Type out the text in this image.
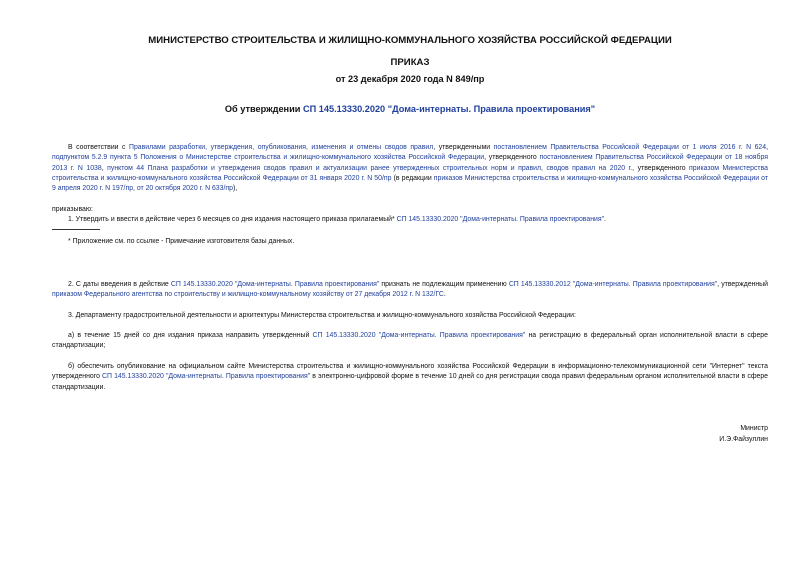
МИНИСТЕРСТВО СТРОИТЕЛЬСТВА И ЖИЛИЩНО-КОММУНАЛЬНОГО ХОЗЯЙСТВА РОССИЙСКОЙ ФЕДЕРАЦИИ
ПРИКАЗ
от 23 декабря 2020 года N 849/пр
Об утверждении СП 145.13330.2020 "Дома-интернаты. Правила проектирования"
В соответствии с Правилами разработки, утверждения, опубликования, изменения и отмены сводов правил, утвержденными постановлением Правительства Российской Федерации от 1 июля 2016 г. N 624, подпунктом 5.2.9 пункта 5 Положения о Министерстве строительства и жилищно-коммунального хозяйства Российской Федерации, утвержденного постановлением Правительства Российской Федерации от 18 ноября 2013 г. N 1038, пунктом 44 Плана разработки и утверждения сводов правил и актуализации ранее утвержденных строительных норм и правил, сводов правил на 2020 г., утвержденного приказом Министерства строительства и жилищно-коммунального хозяйства Российской Федерации от 31 января 2020 г. N 50/пр (в редакции приказов Министерства строительства и жилищно-коммунального хозяйства Российской Федерации от 9 апреля 2020 г. N 197/пр, от 20 октября 2020 г. N 633/пр),
приказываю:
1. Утвердить и ввести в действие через 6 месяцев со дня издания настоящего приказа прилагаемый* СП 145.13330.2020 "Дома-интернаты. Правила проектирования".
* Приложение см. по ссылке - Примечание изготовителя базы данных.
2. С даты введения в действие СП 145.13330.2020 "Дома-интернаты. Правила проектирования" признать не подлежащим применению СП 145.13330.2012 "Дома-интернаты. Правила проектирования", утвержденный приказом Федерального агентства по строительству и жилищно-коммунальному хозяйству от 27 декабря 2012 г. N 132/ГС.
3. Департаменту градостроительной деятельности и архитектуры Министерства строительства и жилищно-коммунального хозяйства Российской Федерации:
а) в течение 15 дней со дня издания приказа направить утвержденный СП 145.13330.2020 "Дома-интернаты. Правила проектирования" на регистрацию в федеральный орган исполнительной власти в сфере стандартизации;
б) обеспечить опубликование на официальном сайте Министерства строительства и жилищно-коммунального хозяйства Российской Федерации в информационно-телекоммуникационной сети "Интернет" текста утвержденного СП 145.13330.2020 "Дома-интернаты. Правила проектирования" в электронно-цифровой форме в течение 10 дней со дня регистрации свода правил федеральным органом исполнительной власти в сфере стандартизации.
Министр
И.Э.Файзуллин
